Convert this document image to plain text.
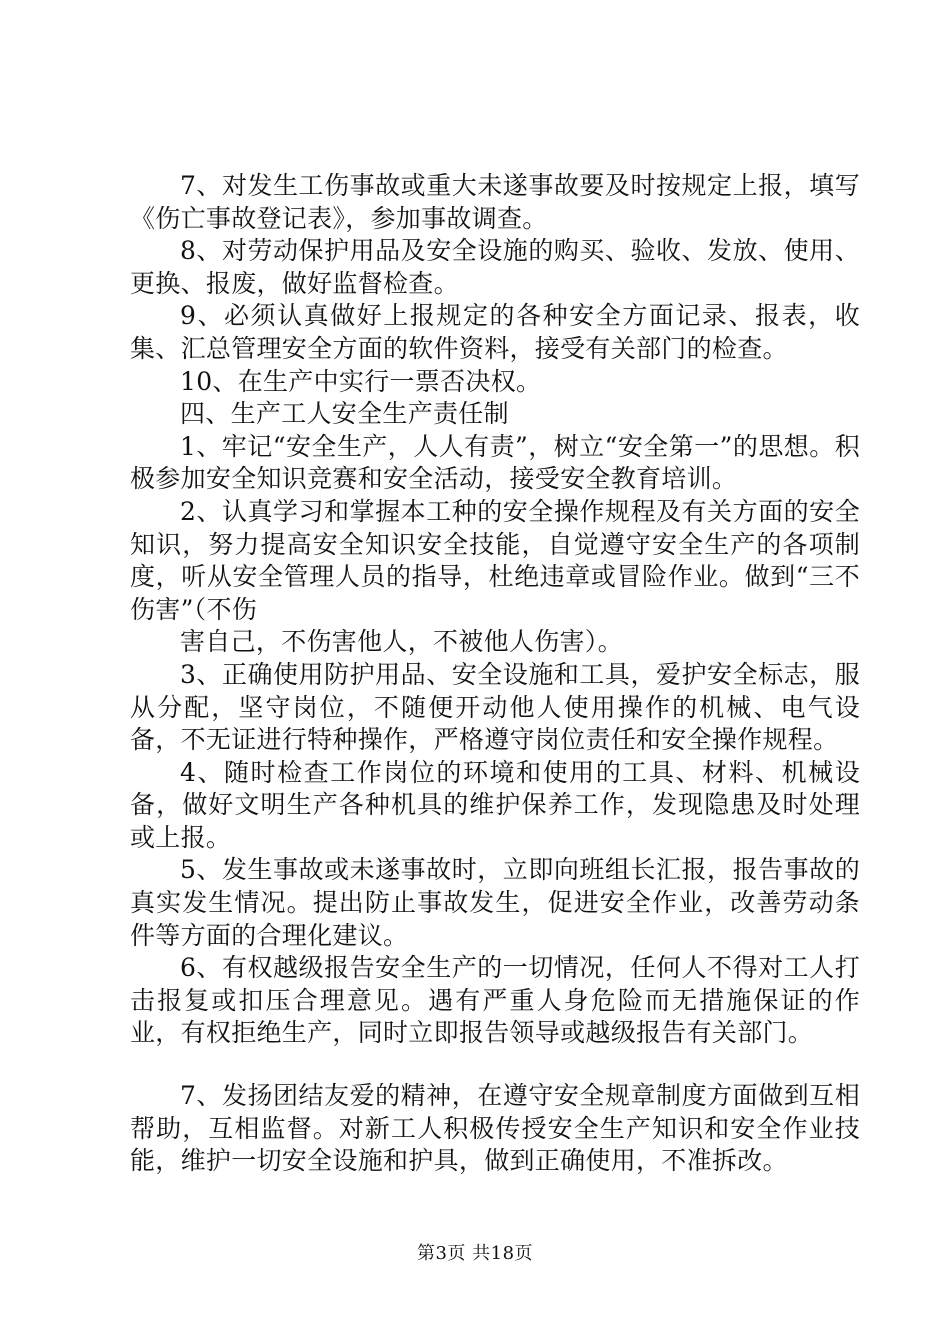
7、对发生工伤事故或重大未遂事故要及时按规定上报，填写《伤亡事故登记表》，参加事故调查。

8、对劳动保护用品及安全设施的购买、验收、发放、使用、更换、报废，做好监督检查。

9、必须认真做好上报规定的各种安全方面记录、报表，收集、汇总管理安全方面的软件资料，接受有关部门的检查。

10、在生产中实行一票否决权。

四、生产工人安全生产责任制

1、牢记“安全生产，人人有责”，树立“安全第一”的思想。积极参加安全知识竞赛和安全活动，接受安全教育培训。

2、认真学习和掌握本工种的安全操作规程及有关方面的安全知识，努力提高安全知识安全技能，自觉遵守安全生产的各项制度，听从安全管理人员的指导，杜绝违章或冒险作业。做到“三不伤害”（不伤

害自己，不伤害他人，不被他人伤害）。

3、正确使用防护用品、安全设施和工具，爱护安全标志，服从分配，坚守岗位，不随便开动他人使用操作的机械、电气设备，不无证进行特种操作，严格遵守岗位责任和安全操作规程。

4、随时检查工作岗位的环境和使用的工具、材料、机械设备，做好文明生产各种机具的维护保养工作，发现隐患及时处理或上报。

5、发生事故或未遂事故时，立即向班组长汇报，报告事故的真实发生情况。提出防止事故发生，促进安全作业，改善劳动条件等方面的合理化建议。

6、有权越级报告安全生产的一切情况，任何人不得对工人打击报复或扣压合理意见。遇有严重人身危险而无措施保证的作业，有权拒绝生产，同时立即报告领导或越级报告有关部门。

7、发扬团结友爱的精神，在遵守安全规章制度方面做到互相帮助，互相监督。对新工人积极传授安全生产知识和安全作业技能，维护一切安全设施和护具，做到正确使用，不准拆改。

第3页 共18页
